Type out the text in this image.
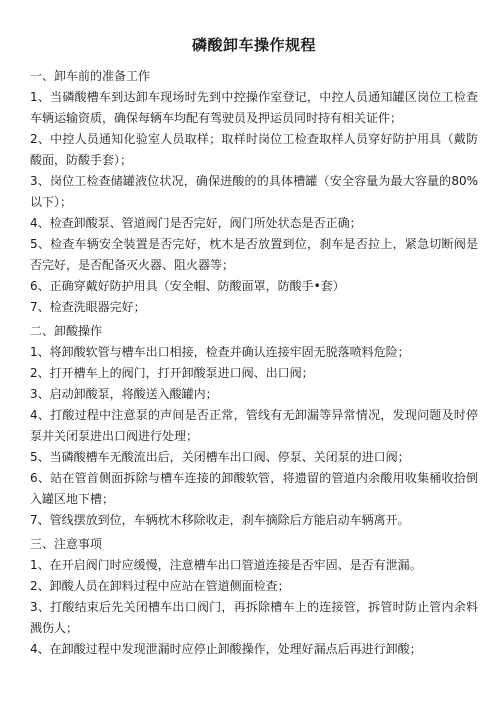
磷酸卸车操作规程

一、卸车前的准备工作

1、当磷酸槽车到达卸车现场时先到中控操作室登记，中控人员通知罐区岗位工检查车辆运输资质，确保每辆车均配有驾驶员及押运员同时持有相关证件；

2、中控人员通知化验室人员取样；取样时岗位工检查取样人员穿好防护用具（戴防酸面，防酸手套）；

3、岗位工检查储罐液位状况，确保进酸的的具体槽罐（安全容量为最大容量的80%以下）；

4、检查卸酸泵、管道阀门是否完好，阀门所处状态是否正确；

5、检查车辆安全装置是否完好，枕木是否放置到位，刹车是否拉上，紧急切断阀是否完好，是否配备灭火器、阻火器等；

6、正确穿戴好防护用具（安全帽、防酸面罩，防酸手•套）

7、检查洗眼器完好；

二、卸酸操作

1、将卸酸软管与槽车出口相接，检查并确认连接牢固无脱落喷料危险；

2、打开槽车上的阀门，打开卸酸泵进口阀、出口阀；

3、启动卸酸泵，将酸送入酸罐内；

4、打酸过程中注意泵的声间是否正常，管线有无卸漏等异常情况，发现问题及时停泵并关闭泵进出口阀进行处理；

5、当磷酸槽车无酸流出后，关闭槽车出口阀、停泵、关闭泵的进口阀；

6、站在管首侧面拆除与槽车连接的卸酸软管，将遗留的管道内余酸用收集桶收拾倒入罐区地下槽；

7、管线摆放到位，车辆枕木移除收走，刹车摘除后方能启动车辆离开。

三、注意事项

1、在开启阀门时应缓慢，注意槽车出口管道连接是否牢固、是否有泄漏。

2、卸酸人员在卸料过程中应站在管道侧面检查；

3、打酸结束后先关闭槽车出口阀门，再拆除槽车上的连接管，拆管时防止管内余料溅伤人；

4、在卸酸过程中发现泄漏时应停止卸酸操作，处理好漏点后再进行卸酸；
